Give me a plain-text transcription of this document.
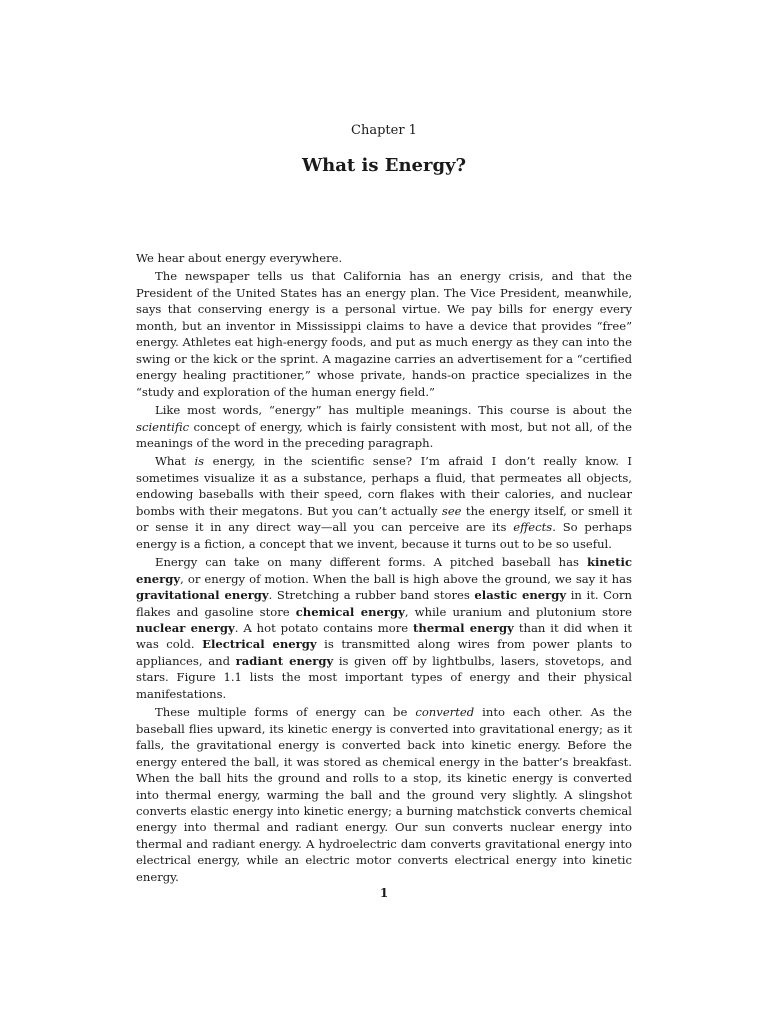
Chapter 1
What is Energy?

We hear about energy everywhere.

The newspaper tells us that California has an energy crisis, and that the President of the United States has an energy plan. The Vice President, meanwhile, says that conserving energy is a personal virtue. We pay bills for energy every month, but an inventor in Mississippi claims to have a device that provides “free” energy. Athletes eat high-energy foods, and put as much energy as they can into the swing or the kick or the sprint. A magazine carries an advertisement for a “certified energy healing practitioner,” whose private, hands-on practice specializes in the “study and exploration of the human energy field.”

Like most words, “energy” has multiple meanings. This course is about the scientific concept of energy, which is fairly consistent with most, but not all, of the meanings of the word in the preceding paragraph.

What is energy, in the scientific sense? I’m afraid I don’t really know. I sometimes visualize it as a substance, perhaps a fluid, that permeates all objects, endowing baseballs with their speed, corn flakes with their calories, and nuclear bombs with their megatons. But you can’t actually see the energy itself, or smell it or sense it in any direct way—all you can perceive are its effects. So perhaps energy is a fiction, a concept that we invent, because it turns out to be so useful.

Energy can take on many different forms. A pitched baseball has kinetic energy, or energy of motion. When the ball is high above the ground, we say it has gravitational energy. Stretching a rubber band stores elastic energy in it. Corn flakes and gasoline store chemical energy, while uranium and plutonium store nuclear energy. A hot potato contains more thermal energy than it did when it was cold. Electrical energy is transmitted along wires from power plants to appliances, and radiant energy is given off by lightbulbs, lasers, stovetops, and stars. Figure 1.1 lists the most important types of energy and their physical manifestations.

These multiple forms of energy can be converted into each other. As the baseball flies upward, its kinetic energy is converted into gravitational energy; as it falls, the gravitational energy is converted back into kinetic energy. Before the energy entered the ball, it was stored as chemical energy in the batter’s breakfast. When the ball hits the ground and rolls to a stop, its kinetic energy is converted into thermal energy, warming the ball and the ground very slightly. A slingshot converts elastic energy into kinetic energy; a burning matchstick converts chemical energy into thermal and radiant energy. Our sun converts nuclear energy into thermal and radiant energy. A hydroelectric dam converts gravitational energy into electrical energy, while an electric motor converts electrical energy into kinetic energy.

1
